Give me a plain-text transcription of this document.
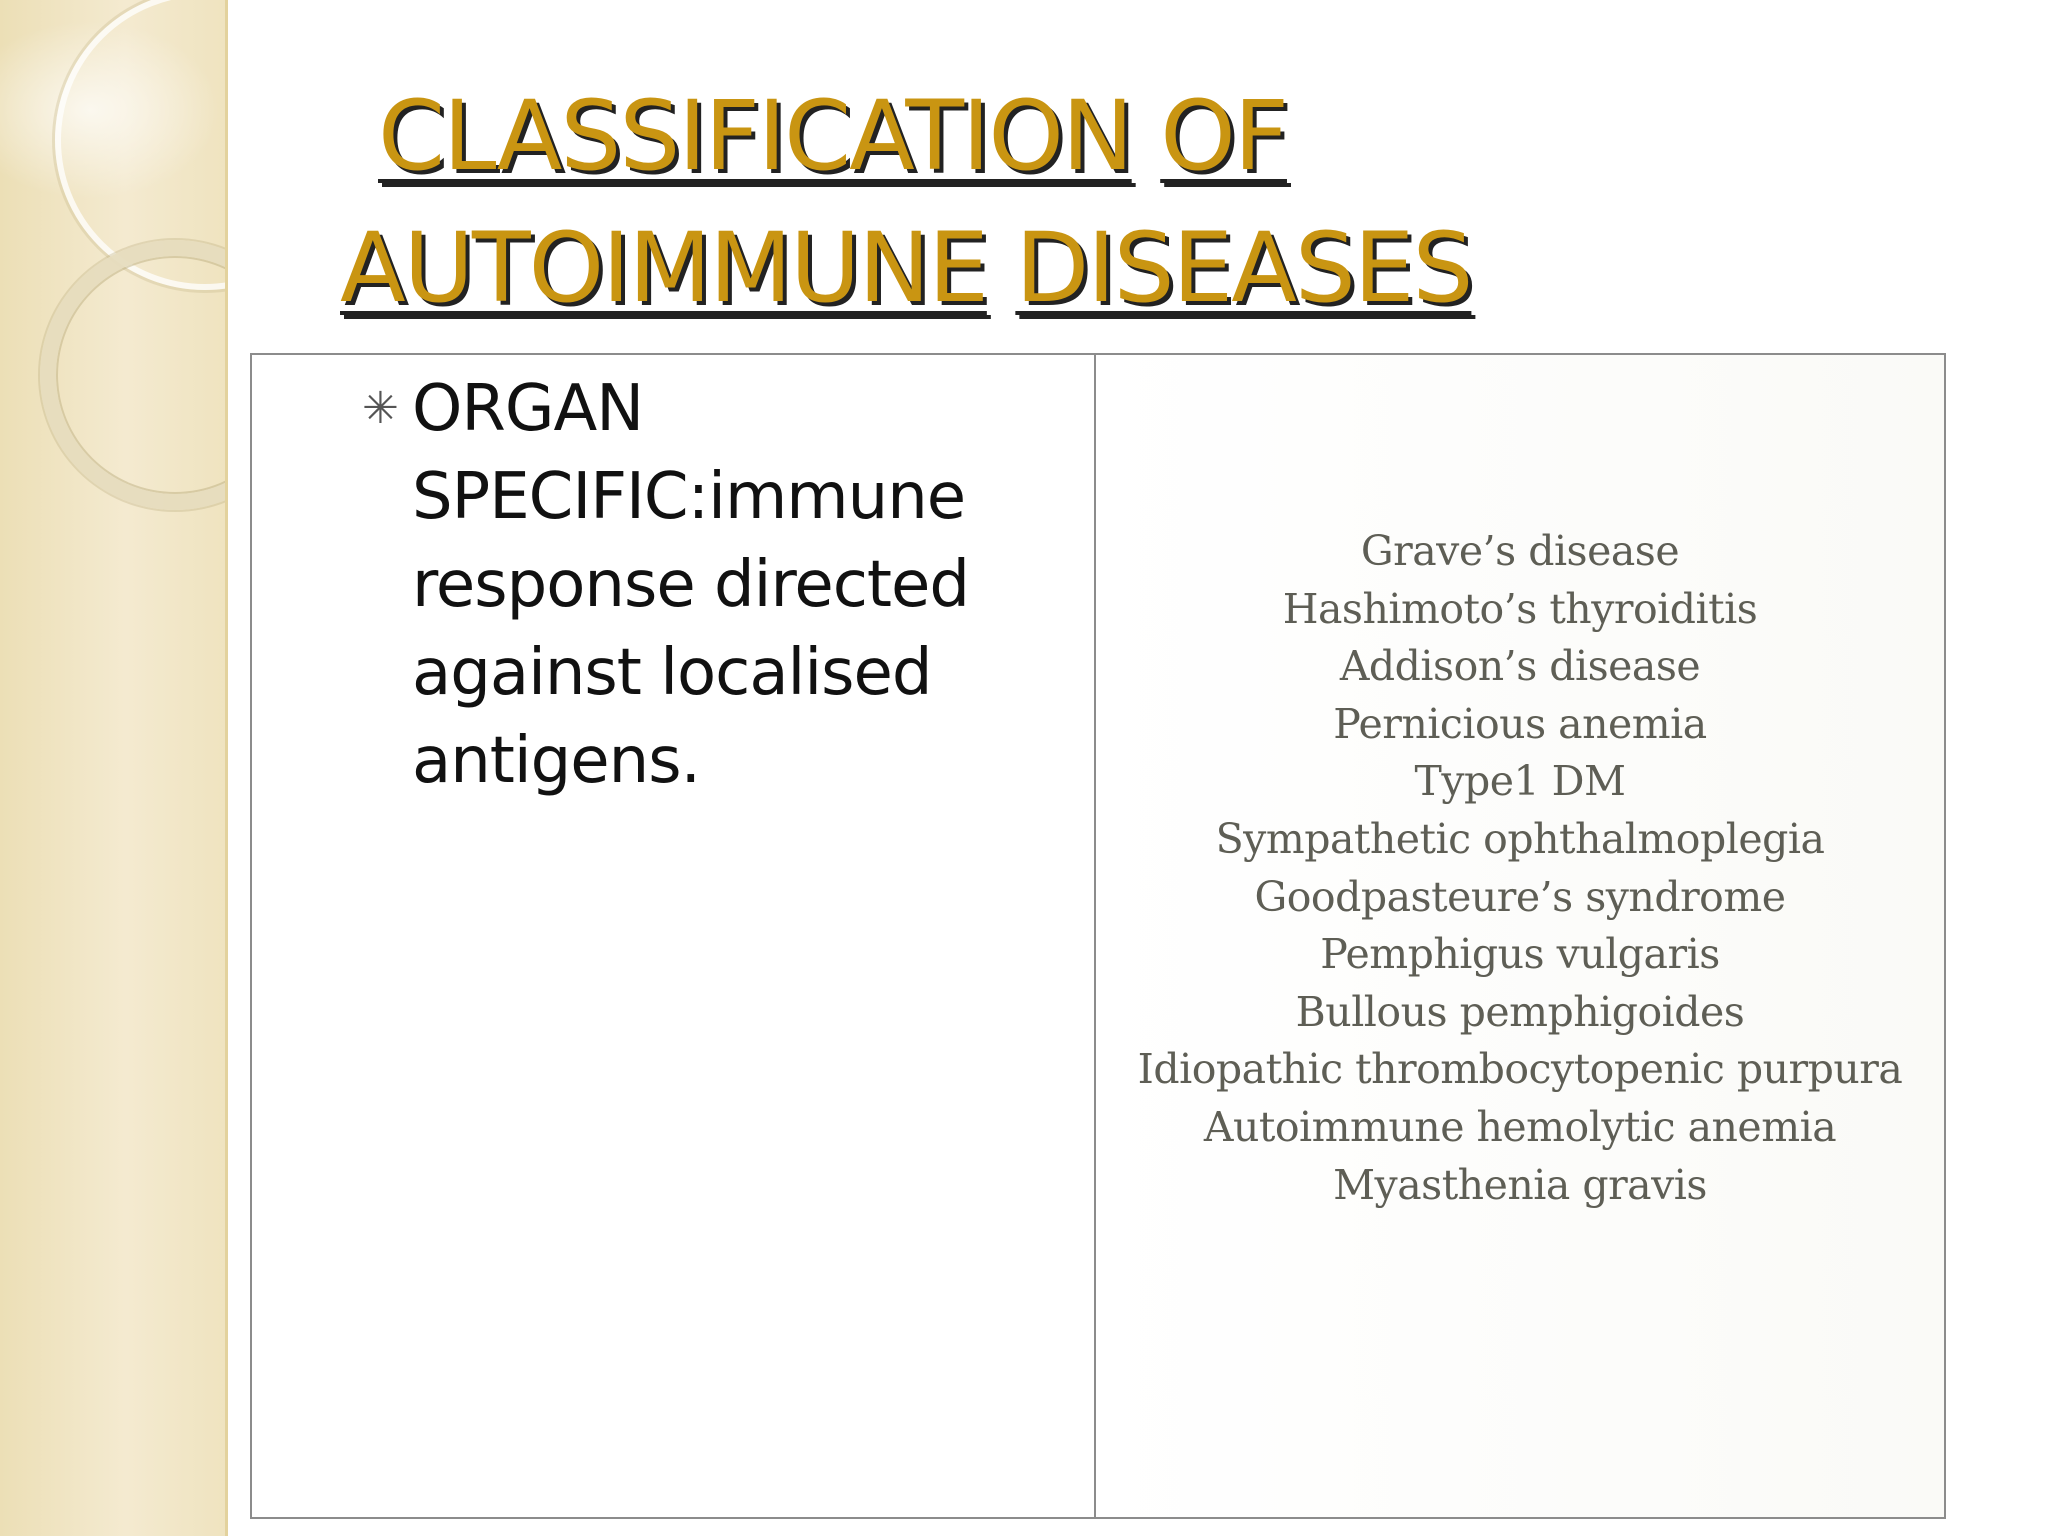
CLASSIFICATION OF
AUTOIMMUNE DISEASES
✳ ORGAN
SPECIFIC:immune
response directed
against localised
antigens.
Grave’s disease
Hashimoto’s thyroiditis
Addison’s disease
Pernicious anemia
Type1 DM
Sympathetic ophthalmoplegia
Goodpasteure’s syndrome
Pemphigus vulgaris
Bullous pemphigoides
Idiopathic thrombocytopenic purpura
Autoimmune hemolytic anemia
Myasthenia gravis
